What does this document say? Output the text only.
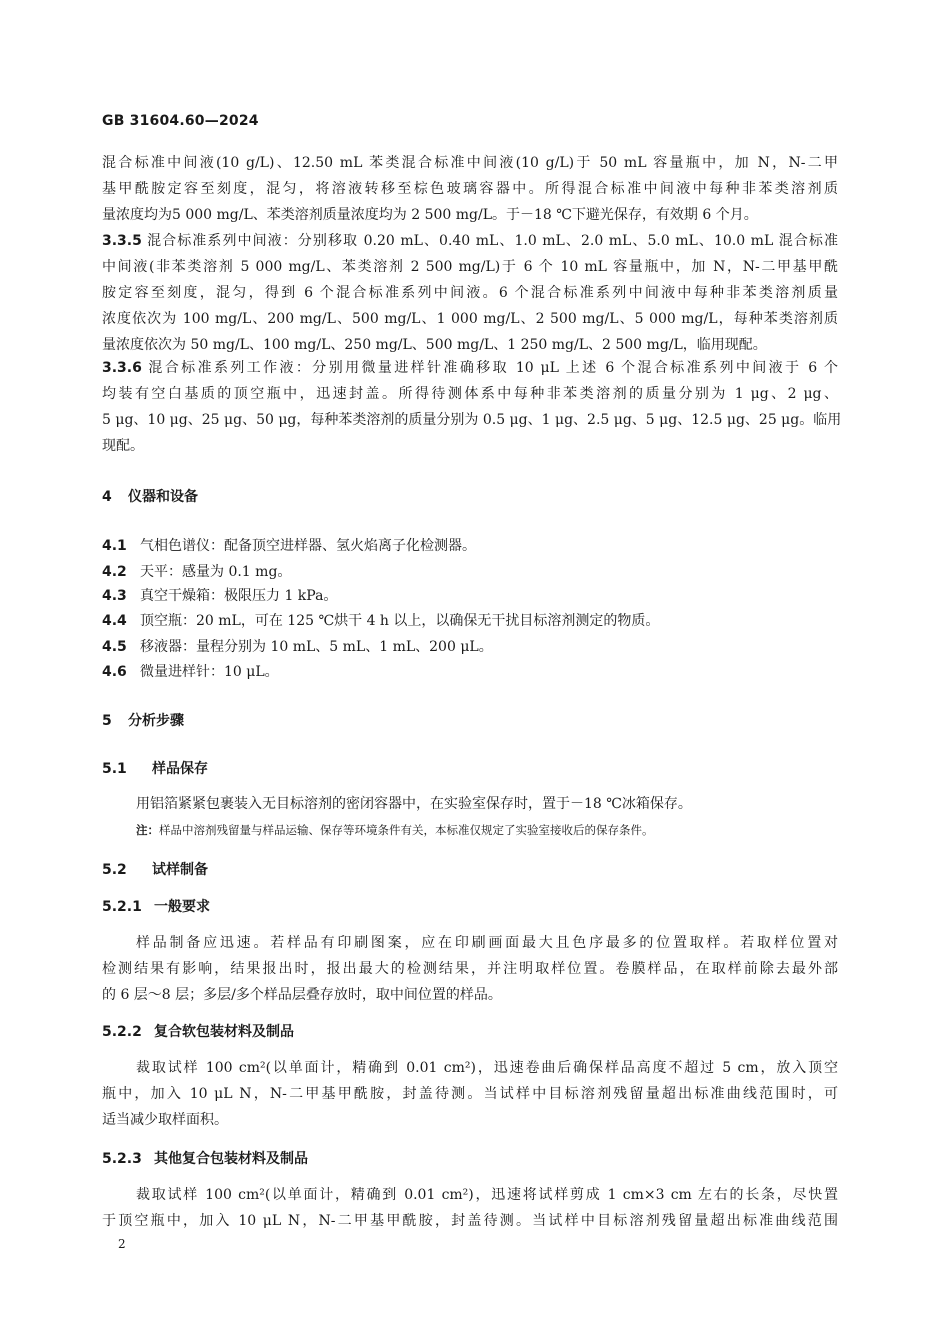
GB 31604.60—2024
混合标准中间液(10 g/L)、12.50 mL 苯类混合标准中间液(10 g/L)于 50 mL 容量瓶中，加 N，N-二甲
基甲酰胺定容至刻度，混匀，将溶液转移至棕色玻璃容器中。所得混合标准中间液中每种非苯类溶剂质
量浓度均为5 000 mg/L、苯类溶剂质量浓度均为 2 500 mg/L。于－18 ℃下避光保存，有效期 6 个月。
3.3.5 混合标准系列中间液：分别移取 0.20 mL、0.40 mL、1.0 mL、2.0 mL、5.0 mL、10.0 mL 混合标准
中间液(非苯类溶剂 5 000 mg/L、苯类溶剂 2 500 mg/L)于 6 个 10 mL 容量瓶中，加 N，N-二甲基甲酰
胺定容至刻度，混匀，得到 6 个混合标准系列中间液。6 个混合标准系列中间液中每种非苯类溶剂质量
浓度依次为 100 mg/L、200 mg/L、500 mg/L、1 000 mg/L、2 500 mg/L、5 000 mg/L，每种苯类溶剂质
量浓度依次为 50 mg/L、100 mg/L、250 mg/L、500 mg/L、1 250 mg/L、2 500 mg/L，临用现配。
3.3.6 混合标准系列工作液：分别用微量进样针准确移取 10 μL 上述 6 个混合标准系列中间液于 6 个
均装有空白基质的顶空瓶中，迅速封盖。所得待测体系中每种非苯类溶剂的质量分别为 1 μg、2 μg、
5 μg、10 μg、25 μg、50 μg，每种苯类溶剂的质量分别为 0.5 μg、1 μg、2.5 μg、5 μg、12.5 μg、25 μg。临用
现配。
4 仪器和设备
4.1 气相色谱仪：配备顶空进样器、氢火焰离子化检测器。
4.2 天平：感量为 0.1 mg。
4.3 真空干燥箱：极限压力 1 kPa。
4.4 顶空瓶：20 mL，可在 125 ℃烘干 4 h 以上，以确保无干扰目标溶剂测定的物质。
4.5 移液器：量程分别为 10 mL、5 mL、1 mL、200 μL。
4.6 微量进样针：10 μL。
5 分析步骤
5.1 样品保存
用铝箔紧紧包裹装入无目标溶剂的密闭容器中，在实验室保存时，置于－18 ℃冰箱保存。
注：样品中溶剂残留量与样品运输、保存等环境条件有关，本标准仅规定了实验室接收后的保存条件。
5.2 试样制备
5.2.1 一般要求
样品制备应迅速。若样品有印刷图案，应在印刷画面最大且色序最多的位置取样。若取样位置对
检测结果有影响，结果报出时，报出最大的检测结果，并注明取样位置。卷膜样品，在取样前除去最外部
的 6 层～8 层；多层/多个样品层叠存放时，取中间位置的样品。
5.2.2 复合软包装材料及制品
裁取试样 100 cm²(以单面计，精确到 0.01 cm²)，迅速卷曲后确保样品高度不超过 5 cm，放入顶空
瓶中，加入 10 μL N，N-二甲基甲酰胺，封盖待测。当试样中目标溶剂残留量超出标准曲线范围时，可
适当减少取样面积。
5.2.3 其他复合包装材料及制品
裁取试样 100 cm²(以单面计，精确到 0.01 cm²)，迅速将试样剪成 1 cm×3 cm 左右的长条，尽快置
于顶空瓶中，加入 10 μL N，N-二甲基甲酰胺，封盖待测。当试样中目标溶剂残留量超出标准曲线范围
2
